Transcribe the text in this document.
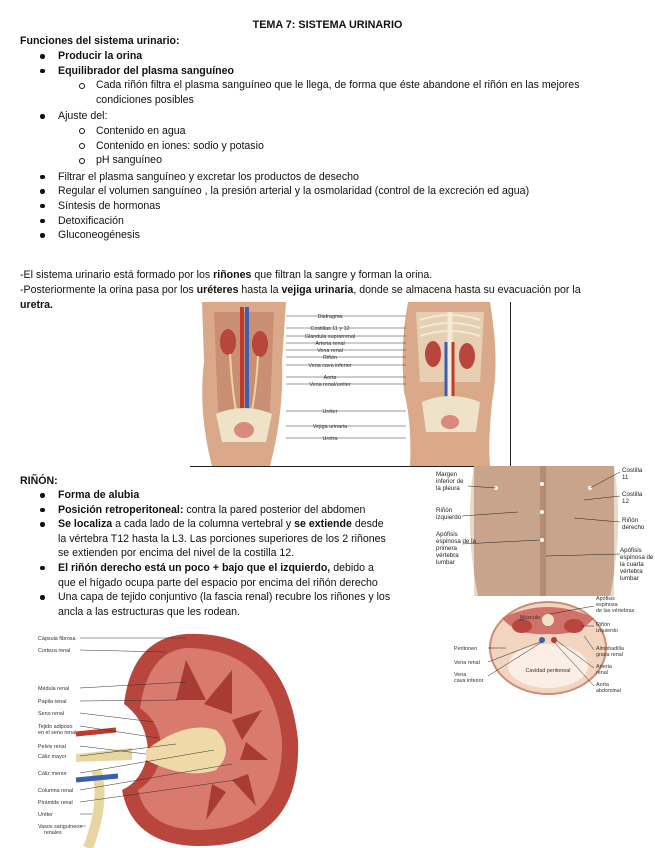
TEMA 7: SISTEMA URINARIO
Funciones del sistema urinario:
Producir la orina
Equilibrador del plasma sanguíneo
Cada riñón filtra el plasma sanguíneo que le llega, de forma que éste abandone el riñón en las mejores condiciones posibles
Ajuste del:
Contenido en agua
Contenido en iones: sodio y potasio
pH sanguíneo
Filtrar el plasma sanguíneo y excretar los productos de desecho
Regular el volumen sanguíneo , la presión arterial y la osmolaridad (control de la excreción ed agua)
Síntesis de hormonas
Detoxificación
Gluconeogénesis
-El sistema urinario está formado por los riñones que filtran la sangre y forman la orina.
-Posteriormente la orina pasa por los uréteres hasta la vejiga urinaria, donde se almacena hasta su evacuación por la
uretra.
Diafragma
Costillas 11 y 12
Glándula suprarrenal
Arteria renal
Vena renal
Riñón
Vena cava inferior
Aorta
Vena renal/uréter
Uréter
Vejiga urinaria
Uretra
RIÑÓN:
Forma de alubia
Posición retroperitoneal: contra la pared posterior del abdomen
Se localiza a cada lado de la columna vertebral y se extiende desde
la vértebra T12 hasta la L3. Las porciones superiores de los 2 riñones
se extienden por encima del nivel de la costilla 12.
El riñón derecho está un poco + bajo que el izquierdo, debido a
que el hígado ocupa parte del espacio por encima del riñón derecho
Una capa de tejido conjuntivo (la fascia renal) recubre los riñones y los
ancla a las estructuras que les rodean.
Margen inferior de la pleura
Riñón izquierdo
Apófisis espinosa de la primera vértebra lumbar
Costilla 11
Costilla 12
Riñón derecho
Apófisis espinosa de la cuarta vértebra lumbar
Apófisis espinosa de las vértebras
Músculo
Riñón izquierdo
Peritoneo
Vena renal
Vena cava inferior
Cavidad peritoneal
Almohadilla grasa renal
Arteria renal
Aorta abdominal
Cápsula fibrosa
Corteza renal
Médula renal
Papila renal
Seno renal
Tejido adiposo
en el seno renal
Pelvis renal
Cáliz mayor
Cáliz menor
Columna renal
Pirámide renal
Uréter
Vasos sanguíneos
renales
